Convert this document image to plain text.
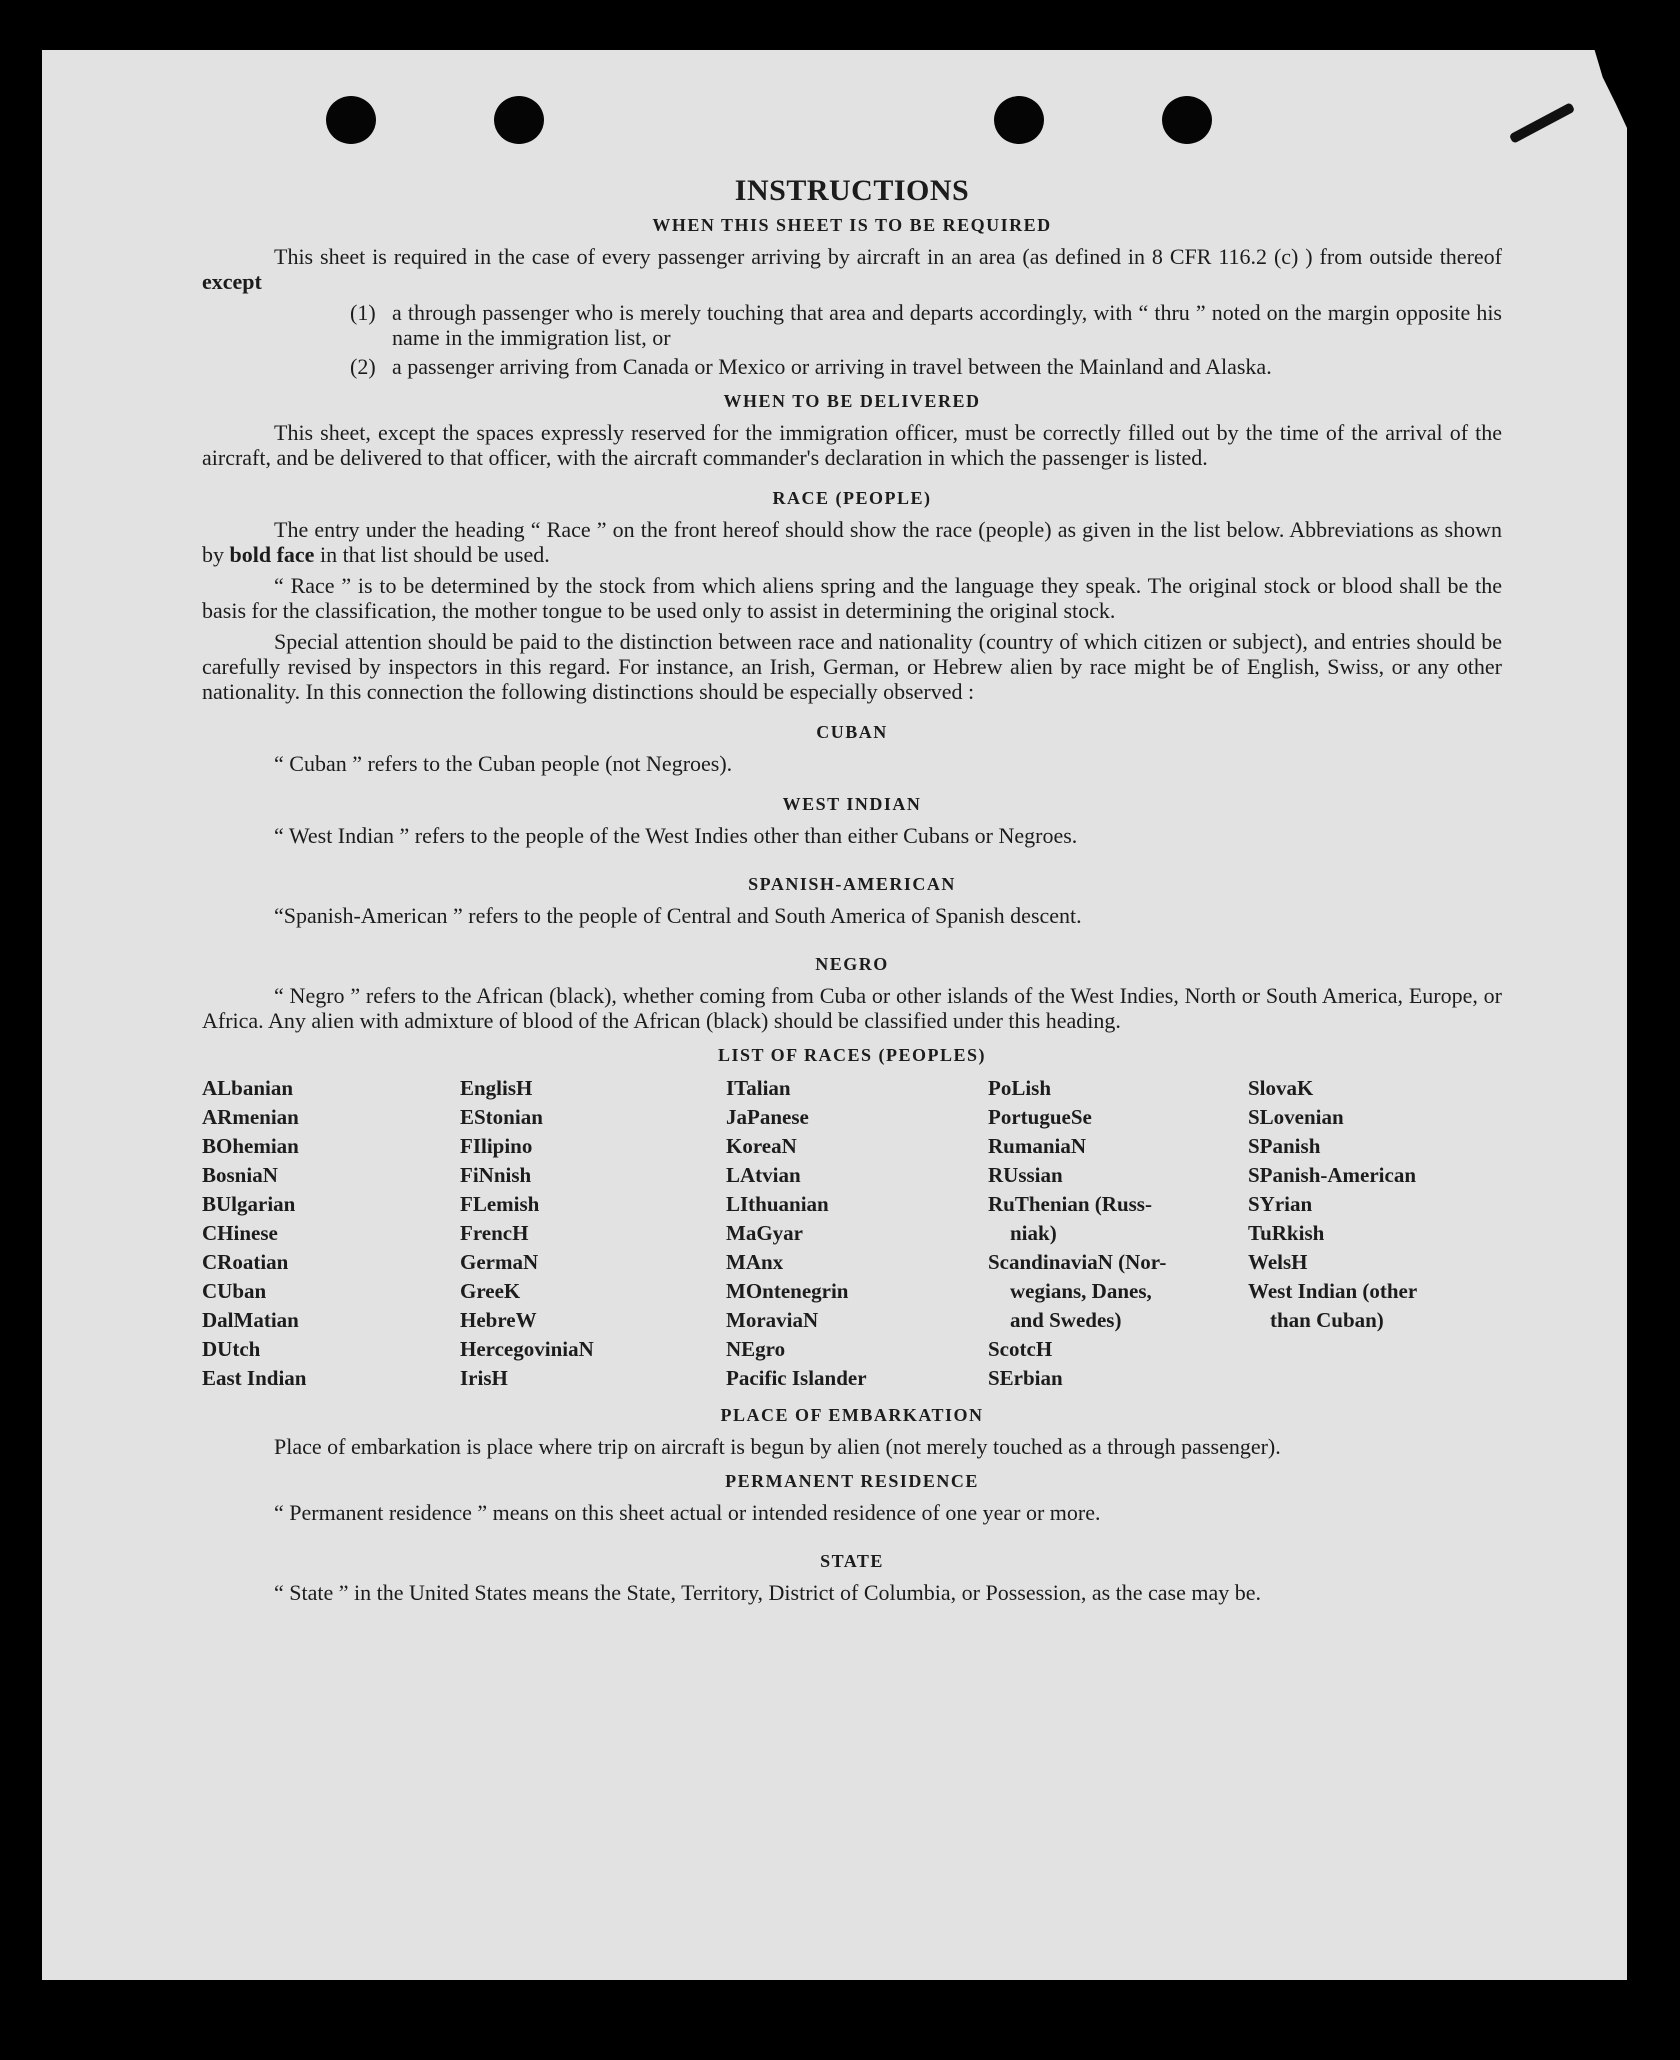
INSTRUCTIONS
WHEN THIS SHEET IS TO BE REQUIRED
This sheet is required in the case of every passenger arriving by aircraft in an area (as defined in 8 CFR 116.2 (c) ) from outside thereof except
(1) a through passenger who is merely touching that area and departs accordingly, with “ thru ” noted on the margin opposite his name in the immigration list, or
(2) a passenger arriving from Canada or Mexico or arriving in travel between the Mainland and Alaska.
WHEN TO BE DELIVERED
This sheet, except the spaces expressly reserved for the immigration officer, must be correctly filled out by the time of the arrival of the aircraft, and be delivered to that officer, with the aircraft commander's declaration in which the passenger is listed.
RACE (PEOPLE)
The entry under the heading “ Race ” on the front hereof should show the race (people) as given in the list below. Abbreviations as shown by bold face in that list should be used.
“ Race ” is to be determined by the stock from which aliens spring and the language they speak. The original stock or blood shall be the basis for the classification, the mother tongue to be used only to assist in determining the original stock.
Special attention should be paid to the distinction between race and nationality (country of which citizen or subject), and entries should be carefully revised by inspectors in this regard. For instance, an Irish, German, or Hebrew alien by race might be of English, Swiss, or any other nationality. In this connection the following distinctions should be especially observed :
CUBAN
“ Cuban ” refers to the Cuban people (not Negroes).
WEST INDIAN
“ West Indian ” refers to the people of the West Indies other than either Cubans or Negroes.
SPANISH-AMERICAN
“Spanish-American ” refers to the people of Central and South America of Spanish descent.
NEGRO
“ Negro ” refers to the African (black), whether coming from Cuba or other islands of the West Indies, North or South America, Europe, or Africa. Any alien with admixture of blood of the African (black) should be classified under this heading.
LIST OF RACES (PEOPLES)
ALbanian	EnglisH	ITalian	PoLish	SlovaK
ARmenian	EStonian	JaPanese	PortugueSe	SLovenian
BOhemian	FIlipino	KoreaN	RumaniaN	SPanish
BosniaN	FiNnish	LAtvian	RUssian	SPanish-American
BUlgarian	FLemish	LIthuanian	RuThenian (Russ-	SYrian
CHinese	FrencH	MaGyar	niak)	TuRkish
CRoatian	GermaN	MAnx	ScandinaviaN (Nor-	WelsH
CUban	GreeK	MOntenegrin	wegians, Danes,	West Indian (other
DalMatian	HebreW	MoraviaN	and Swedes)	than Cuban)
DUtch	HercegoviniaN	NEgro	ScotcH
East Indian	IrisH	Pacific Islander	SErbian
PLACE OF EMBARKATION
Place of embarkation is place where trip on aircraft is begun by alien (not merely touched as a through passenger).
PERMANENT RESIDENCE
“ Permanent residence ” means on this sheet actual or intended residence of one year or more.
STATE
“ State ” in the United States means the State, Territory, District of Columbia, or Possession, as the case may be.
